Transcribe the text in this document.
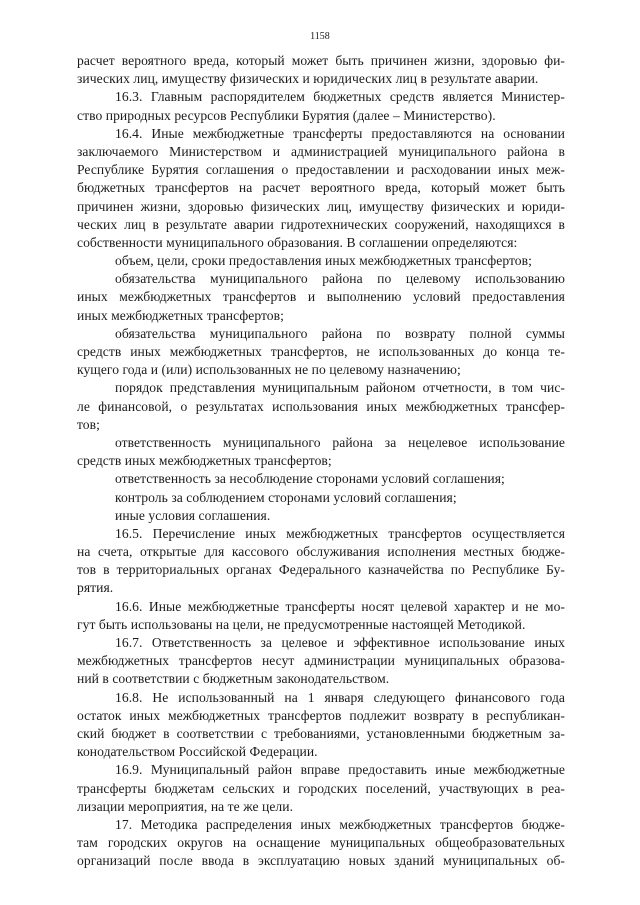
1158
расчет вероятного вреда, который может быть причинен жизни, здоровью фи-
зических лиц, имуществу физических и юридических лиц в результате аварии.
16.3. Главным распорядителем бюджетных средств является Министер-
ство природных ресурсов Республики Бурятия (далее – Министерство).
16.4. Иные межбюджетные трансферты предоставляются на основании
заключаемого Министерством и администрацией муниципального района в
Республике Бурятия соглашения о предоставлении и расходовании иных меж-
бюджетных трансфертов на расчет вероятного вреда, который может быть
причинен жизни, здоровью физических лиц, имуществу физических и юриди-
ческих лиц в результате аварии гидротехнических сооружений, находящихся в
собственности муниципального образования. В соглашении определяются:
объем, цели, сроки предоставления иных межбюджетных трансфертов;
обязательства муниципального района по целевому использованию
иных межбюджетных трансфертов и выполнению условий предоставления
иных межбюджетных трансфертов;
обязательства муниципального района по возврату полной суммы
средств иных межбюджетных трансфертов, не использованных до конца те-
кущего года и (или) использованных не по целевому назначению;
порядок представления муниципальным районом отчетности, в том чис-
ле финансовой, о результатах использования иных межбюджетных трансфер-
тов;
ответственность муниципального района за нецелевое использование
средств иных межбюджетных трансфертов;
ответственность за несоблюдение сторонами условий соглашения;
контроль за соблюдением сторонами условий соглашения;
иные условия соглашения.
16.5. Перечисление иных межбюджетных трансфертов осуществляется
на счета, открытые для кассового обслуживания исполнения местных бюдже-
тов в территориальных органах Федерального казначейства по Республике Бу-
рятия.
16.6. Иные межбюджетные трансферты носят целевой характер и не мо-
гут быть использованы на цели, не предусмотренные настоящей Методикой.
16.7. Ответственность за целевое и эффективное использование иных
межбюджетных трансфертов несут администрации муниципальных образова-
ний в соответствии с бюджетным законодательством.
16.8. Не использованный на 1 января следующего финансового года
остаток иных межбюджетных трансфертов подлежит возврату в республикан-
ский бюджет в соответствии с требованиями, установленными бюджетным за-
конодательством Российской Федерации.
16.9. Муниципальный район вправе предоставить иные межбюджетные
трансферты бюджетам сельских и городских поселений, участвующих в реа-
лизации мероприятия, на те же цели.
17. Методика распределения иных межбюджетных трансфертов бюдже-
там городских округов на оснащение муниципальных общеобразовательных
организаций после ввода в эксплуатацию новых зданий муниципальных об-
